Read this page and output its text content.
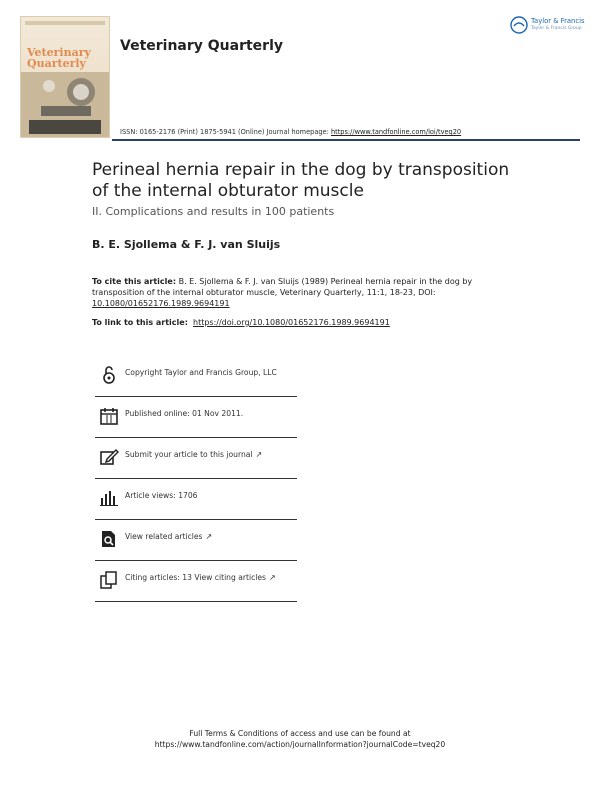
Veterinary
Quarterly
Veterinary Quarterly
ISSN: 0165-2176 (Print) 1875-5941 (Online) Journal homepage: https://www.tandfonline.com/loi/tveq20
Taylor & Francis
Taylor & Francis Group
Perineal hernia repair in the dog by transposition of the internal obturator muscle
II. Complications and results in 100 patients
B. E. Sjollema & F. J. van Sluijs
To cite this article: B. E. Sjollema & F. J. van Sluijs (1989) Perineal hernia repair in the dog by transposition of the internal obturator muscle, Veterinary Quarterly, 11:1, 18-23, DOI: 10.1080/01652176.1989.9694191
To link to this article: https://doi.org/10.1080/01652176.1989.9694191
Copyright Taylor and Francis Group, LLC
Published online: 01 Nov 2011.
Submit your article to this journal ↗
Article views: 1706
View related articles ↗
Citing articles: 13 View citing articles ↗
Full Terms & Conditions of access and use can be found at
https://www.tandfonline.com/action/journalInformation?journalCode=tveq20
